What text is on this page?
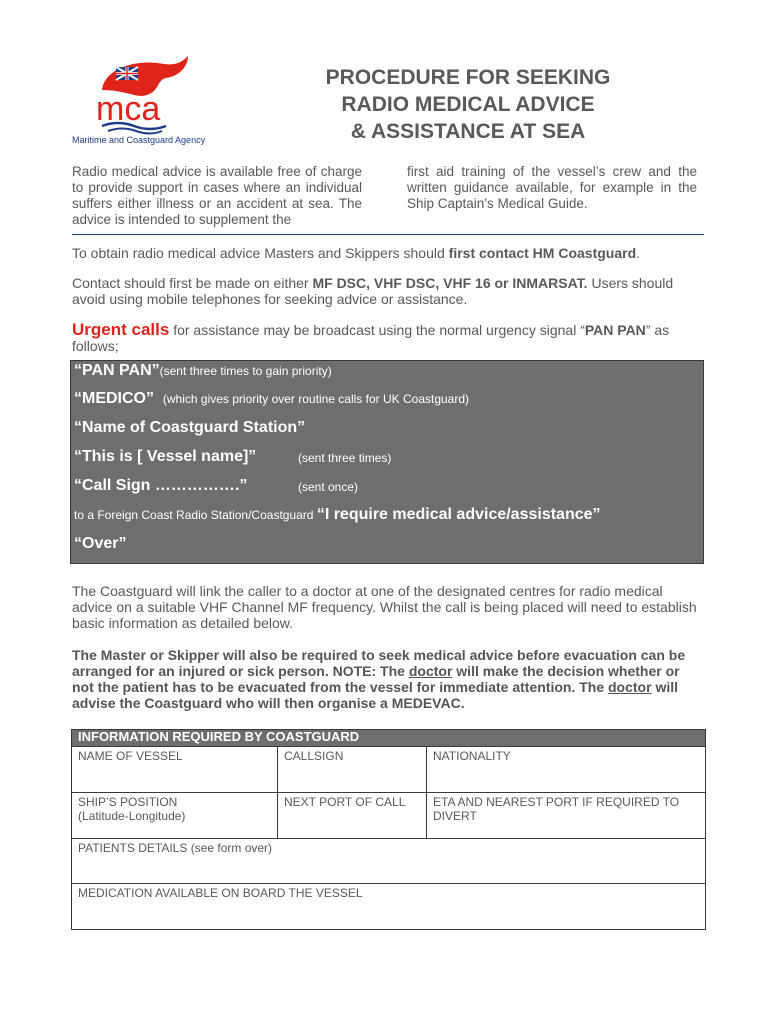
mca
Maritime and Coastguard Agency
PROCEDURE FOR SEEKING
RADIO MEDICAL ADVICE
& ASSISTANCE AT SEA
Radio medical advice is available free of charge to provide support in cases where an individual suffers either illness or an accident at sea. The advice is intended to supplement the
first aid training of the vessel’s crew and the written guidance available, for example in the Ship Captain’s Medical Guide.
To obtain radio medical advice Masters and Skippers should first contact HM Coastguard.
Contact should first be made on either MF DSC, VHF DSC, VHF 16 or INMARSAT. Users should avoid using mobile telephones for seeking advice or assistance.
Urgent calls for assistance may be broadcast using the normal urgency signal “PAN PAN” as follows;
“PAN PAN”(sent three times to gain priority)
“MEDICO” (which gives priority over routine calls for UK Coastguard)
“Name of Coastguard Station”
“This is [ Vessel name]”	(sent three times)
“Call Sign …………….”	(sent once)
to a Foreign Coast Radio Station/Coastguard “I require medical advice/assistance”
“Over”
The Coastguard will link the caller to a doctor at one of the designated centres for radio medical advice on a suitable VHF Channel MF frequency. Whilst the call is being placed will need to establish basic information as detailed below.
The Master or Skipper will also be required to seek medical advice before evacuation can be arranged for an injured or sick person. NOTE: The doctor will make the decision whether or not the patient has to be evacuated from the vessel for immediate attention. The doctor will advise the Coastguard who will then organise a MEDEVAC.
INFORMATION REQUIRED BY COASTGUARD		
NAME OF VESSEL	CALLSIGN	NATIONALITY

SHIP’S POSITION
(Latitude-Longitude)	NEXT PORT OF CALL	ETA AND NEAREST PORT IF REQUIRED TO DIVERT
PATIENTS DETAILS (see form over)		
MEDICATION AVAILABLE ON BOARD THE VESSEL		
